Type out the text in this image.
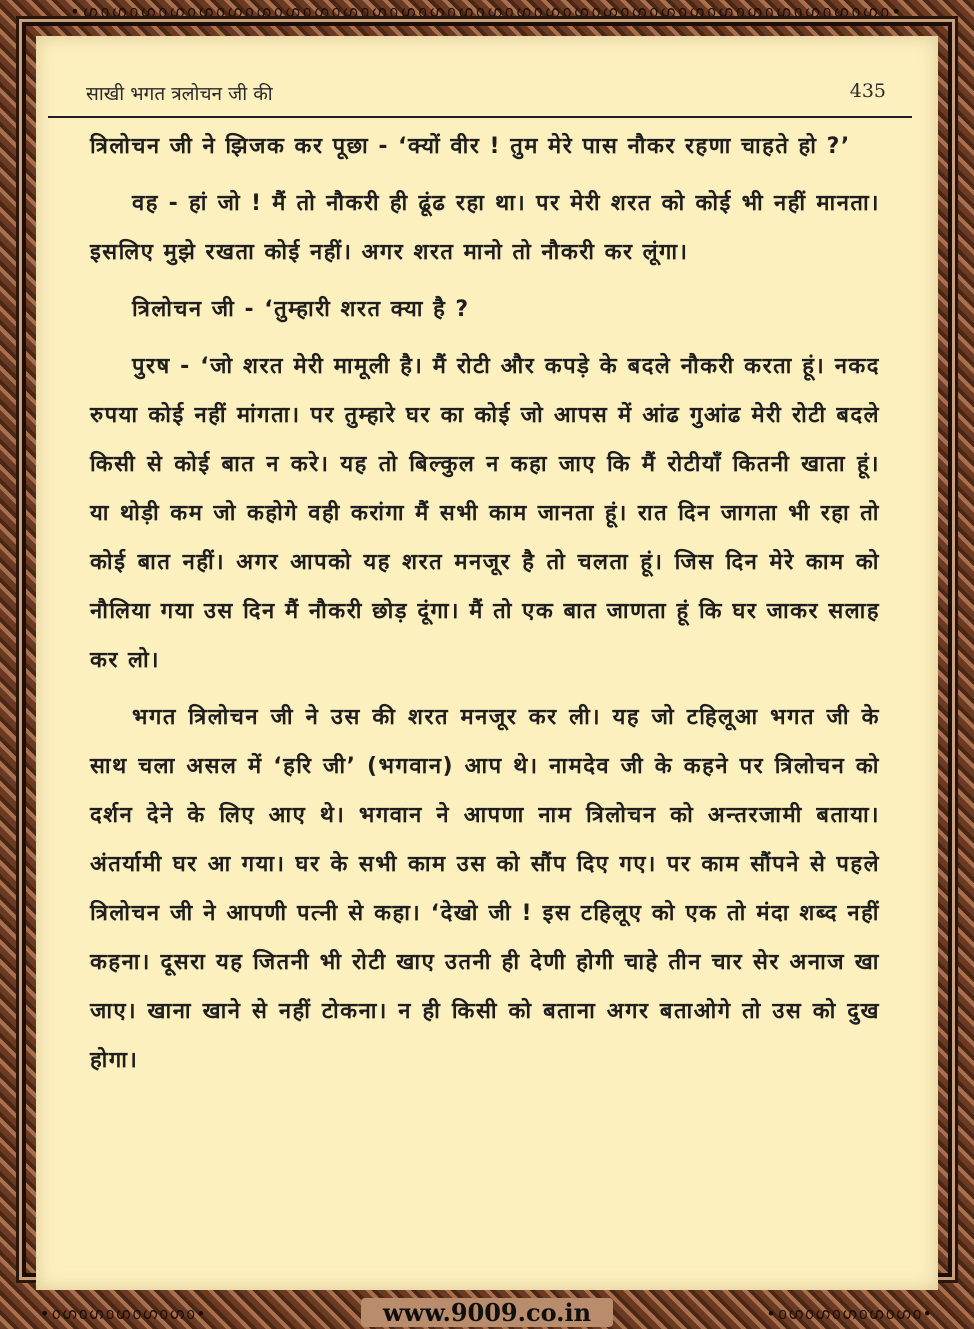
•ഗ൦ഗ൦ഗ൦ഗ൦ഗ൦ഗ൦ഗ൦ഗ൦ഗ൦ഗ൦ഗ൦ഗ൦ഗ൦ഗ൦ഗ൦ഗ൦ഗ൦ഗ൦ഗ൦ഗ൦ഗ൦ഗ൦ഗ൦ഗ൦ഗ൦ഗ൦ഗ൦ഗ൦•
साखी भगत त्रलोचन जी की	435

त्रिलोचन जी ने झिजक कर पूछा - ‘क्यों वीर ! तुम मेरे पास नौकर रहणा चाहते हो ?’

वह - हां जो ! मैं तो नौकरी ही ढूंढ रहा था। पर मेरी शरत को कोई भी नहीं मानता। इसलिए मुझे रखता कोई नहीं। अगर शरत मानो तो नौकरी कर लूंगा।

त्रिलोचन जी - ‘तुम्हारी शरत क्या है ?

पुरष - ‘जो शरत मेरी मामूली है। मैं रोटी और कपड़े के बदले नौकरी करता हूं। नकद रुपया कोई नहीं मांगता। पर तुम्हारे घर का कोई जो आपस में आंढ गुआंढ मेरी रोटी बदले किसी से कोई बात न करे। यह तो बिल्कुल न कहा जाए कि मैं रोटीयाँ कितनी खाता हूं। या थोड़ी कम जो कहोगे वही करांगा मैं सभी काम जानता हूं। रात दिन जागता भी रहा तो कोई बात नहीं। अगर आपको यह शरत मनजूर है तो चलता हूं। जिस दिन मेरे काम को नौलिया गया उस दिन मैं नौकरी छोड़ दूंगा। मैं तो एक बात जाणता हूं कि घर जाकर सलाह कर लो।

भगत त्रिलोचन जी ने उस की शरत मनजूर कर ली। यह जो टहिलूआ भगत जी के साथ चला असल में ‘हरि जी’ (भगवान) आप थे। नामदेव जी के कहने पर त्रिलोचन को दर्शन देने के लिए आए थे। भगवान ने आपणा नाम त्रिलोचन को अन्तरजामी बताया। अंतर्यामी घर आ गया। घर के सभी काम उस को सौंप दिए गए। पर काम सौंपने से पहले त्रिलोचन जी ने आपणी पत्नी से कहा। ‘देखो जी ! इस टहिलूए को एक तो मंदा शब्द नहीं कहना। दूसरा यह जितनी भी रोटी खाए उतनी ही देणी होगी चाहे तीन चार सेर अनाज खा जाए। खाना खाने से नहीं टोकना। न ही किसी को बताना अगर बताओगे तो उस को दुख होगा।

•൦ഗ൦ഗ൦ഗ൦ഗ൦ഗ൦•	www.9009.co.in	•൦ഗ൦ഗ൦ഗ൦ഗ൦ഗ൦•
